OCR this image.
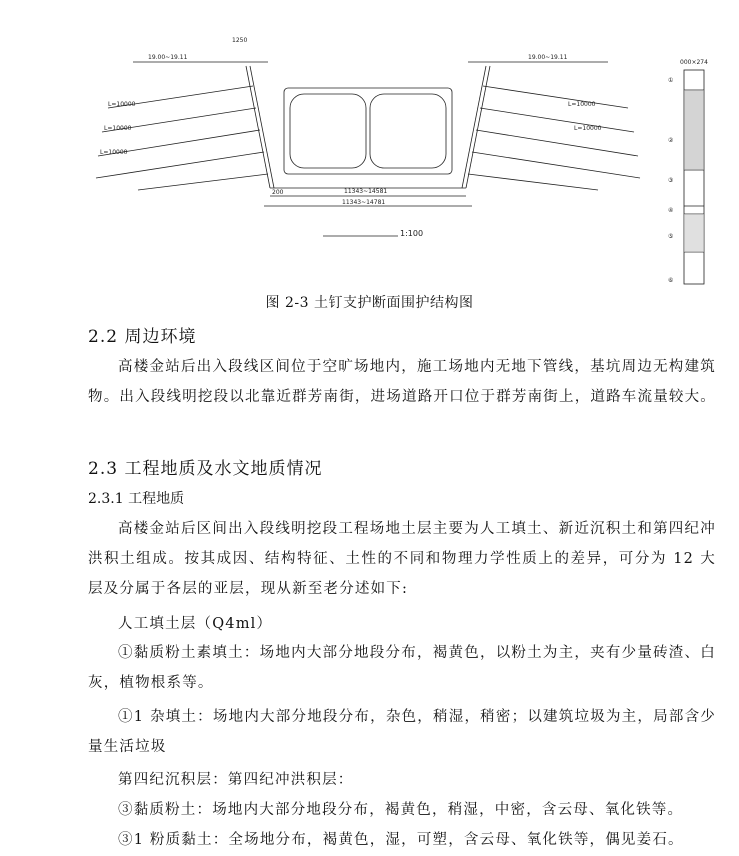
1250
19.00~19.11	19.00~19.11
11343~14581
11343~14781
200
L=10000
L=10000
L=10000
L=10000
L=10000
1:100
000×274
①
②
③
④
⑤
⑥
图 2-3 土钉支护断面围护结构图
2.2 周边环境
高楼金站后出入段线区间位于空旷场地内，施工场地内无地下管线，基坑周边无构建筑物。出入段线明挖段以北靠近群芳南街，进场道路开口位于群芳南街上，道路车流量较大。
2.3 工程地质及水文地质情况
2.3.1 工程地质
高楼金站后区间出入段线明挖段工程场地土层主要为人工填土、新近沉积土和第四纪冲洪积土组成。按其成因、结构特征、土性的不同和物理力学性质上的差异，可分为 12 大层及分属于各层的亚层，现从新至老分述如下:
人工填土层（Q4ml）
①黏质粉土素填土：场地内大部分地段分布，褐黄色，以粉土为主，夹有少量砖渣、白灰，植物根系等。
①1 杂填土：场地内大部分地段分布，杂色，稍湿，稍密；以建筑垃圾为主，局部含少量生活垃圾
第四纪沉积层：第四纪冲洪积层：
③黏质粉土：场地内大部分地段分布，褐黄色，稍湿，中密，含云母、氧化铁等。
③1 粉质黏土：全场地分布，褐黄色，湿，可塑，含云母、氧化铁等，偶见姜石。
